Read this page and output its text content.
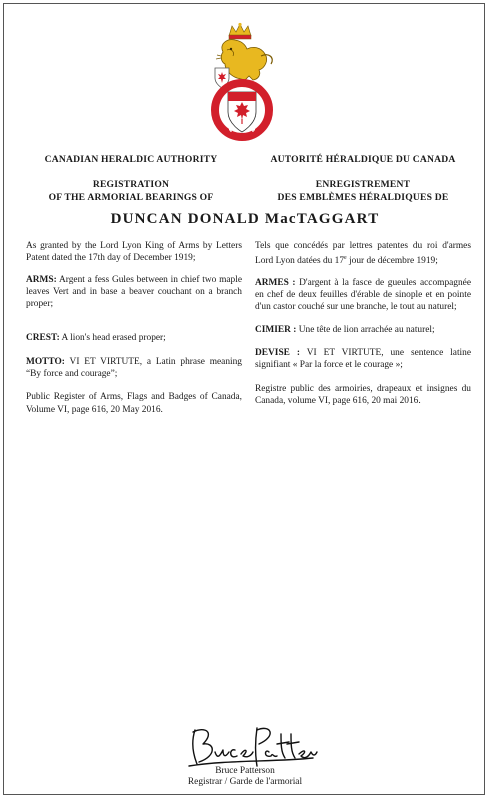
CANADIAN HERALDIC AUTHORITY
REGISTRATION
OF THE ARMORIAL BEARINGS OF
AUTORITÉ HÉRALDIQUE DU CANADA
ENREGISTREMENT
DES EMBLÈMES HÉRALDIQUES DE
DUNCAN DONALD MacTAGGART

As granted by the Lord Lyon King of Arms by Letters Patent dated the 17th day of December 1919;

ARMS: Argent a fess Gules between in chief two maple leaves Vert and in base a beaver couchant on a branch proper;

CREST: A lion's head erased proper;

MOTTO: VI ET VIRTUTE, a Latin phrase meaning “By force and courage”;

Public Register of Arms, Flags and Badges of Canada, Volume VI, page 616, 20 May 2016.

Tels que concédés par lettres patentes du roi d'armes Lord Lyon datées du 17e jour de décembre 1919;

ARMES : D'argent à la fasce de gueules accompagnée en chef de deux feuilles d'érable de sinople et en pointe d'un castor couché sur une branche, le tout au naturel;

CIMIER : Une tête de lion arrachée au naturel;

DEVISE : VI ET VIRTUTE, une sentence latine signifiant « Par la force et le courage »;

Registre public des armoiries, drapeaux et insignes du Canada, volume VI, page 616, 20 mai 2016.

Bruce Patterson
Registrar / Garde de l'armorial
